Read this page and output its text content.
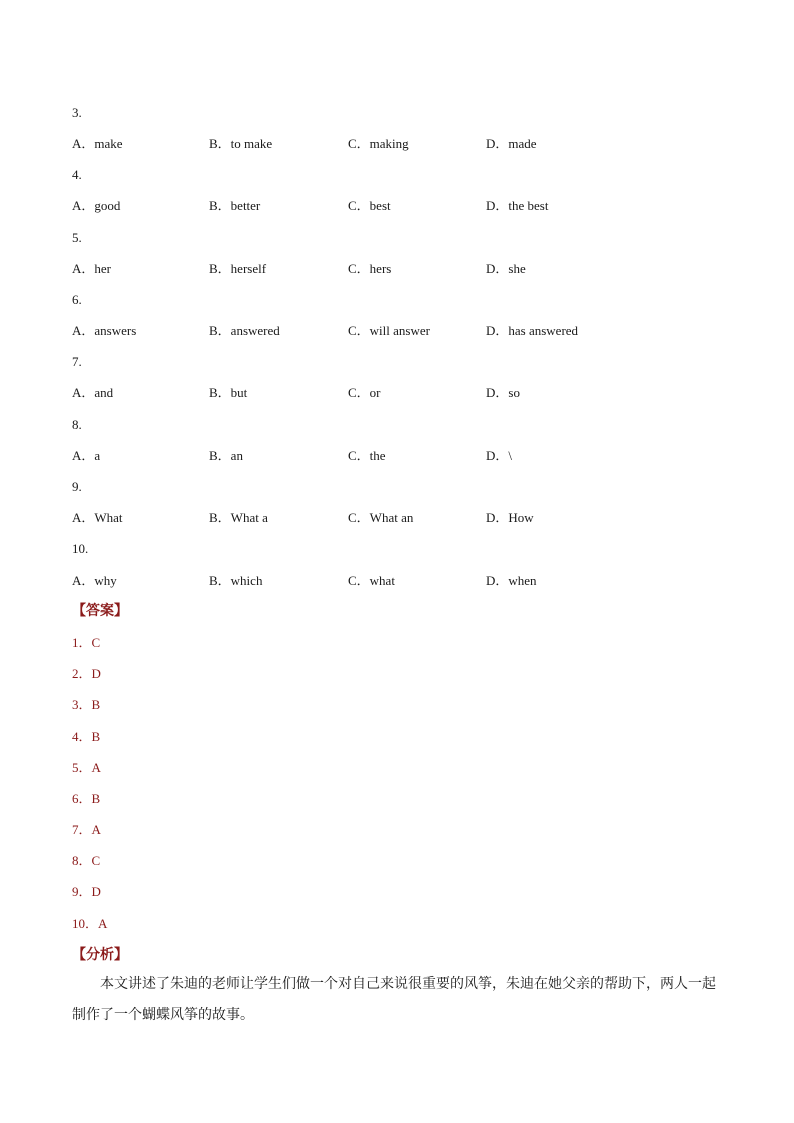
3.
A．make	B．to make	C．making	D．made
4.
A．good	B．better	C．best	D．the best
5.
A．her	B．herself	C．hers	D．she
6.
A．answers	B．answered	C．will answer	D．has answered
7.
A．and	B．but	C．or	D．so
8.
A．a	B．an	C．the	D．\
9.
A．What	B．What a	C．What an	D．How
10.
A．why	B．which	C．what	D．when
【答案】
1．C
2．D
3．B
4．B
5．A
6．B
7．A
8．C
9．D
10．A
【分析】
本文讲述了朱迪的老师让学生们做一个对自己来说很重要的风筝，朱迪在她父亲的帮助下，两人一起制作了一个蝴蝶风筝的故事。
